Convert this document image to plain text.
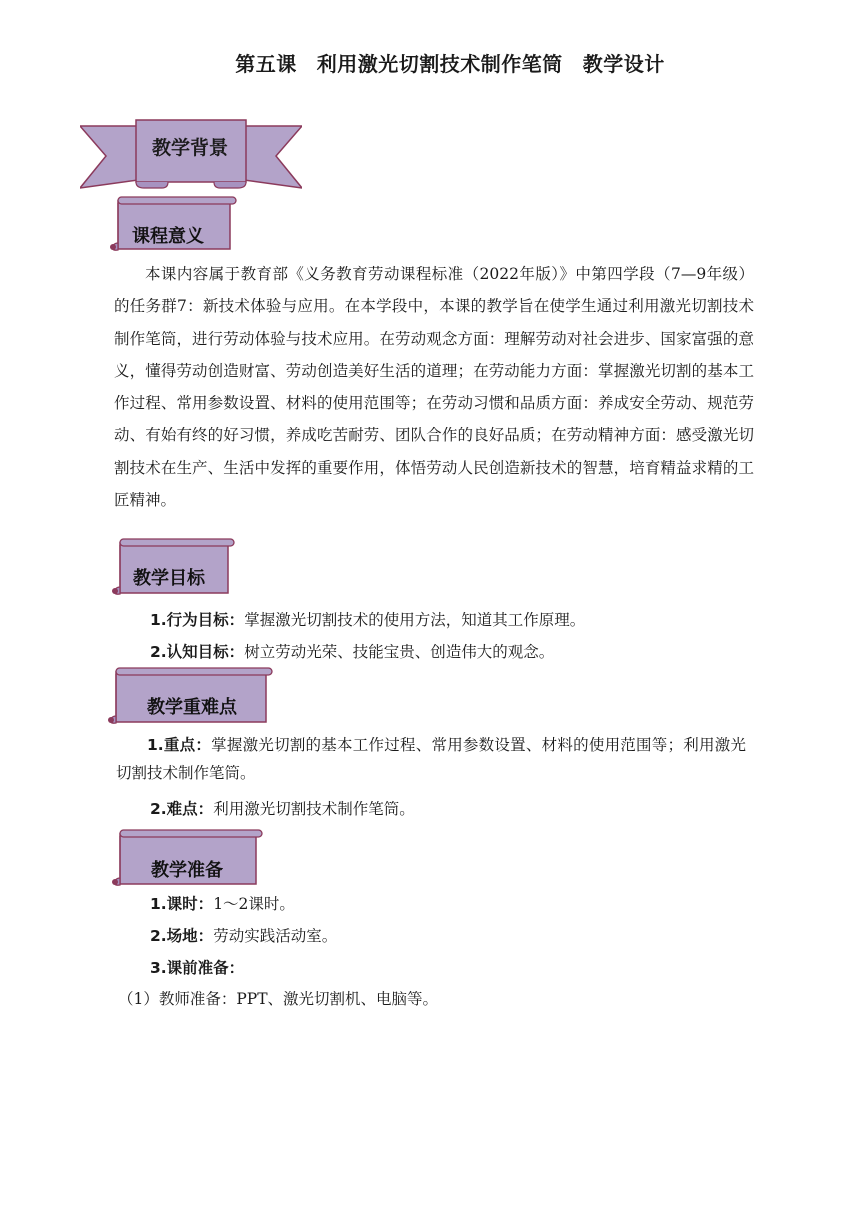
第五课 利用激光切割技术制作笔筒 教学设计
教学背景
课程意义
本课内容属于教育部《义务教育劳动课程标准（2022年版）》中第四学段（7—9年级）的任务群7：新技术体验与应用。在本学段中，本课的教学旨在使学生通过利用激光切割技术制作笔筒，进行劳动体验与技术应用。在劳动观念方面：理解劳动对社会进步、国家富强的意义，懂得劳动创造财富、劳动创造美好生活的道理；在劳动能力方面：掌握激光切割的基本工作过程、常用参数设置、材料的使用范围等；在劳动习惯和品质方面：养成安全劳动、规范劳动、有始有终的好习惯，养成吃苦耐劳、团队合作的良好品质；在劳动精神方面：感受激光切割技术在生产、生活中发挥的重要作用，体悟劳动人民创造新技术的智慧，培育精益求精的工匠精神。
教学目标
1.行为目标：掌握激光切割技术的使用方法，知道其工作原理。
2.认知目标：树立劳动光荣、技能宝贵、创造伟大的观念。
教学重难点
1.重点：掌握激光切割的基本工作过程、常用参数设置、材料的使用范围等；利用激光切割技术制作笔筒。
2.难点：利用激光切割技术制作笔筒。
教学准备
1.课时：1～2课时。
2.场地：劳动实践活动室。
3.课前准备：
（1）教师准备：PPT、激光切割机、电脑等。
